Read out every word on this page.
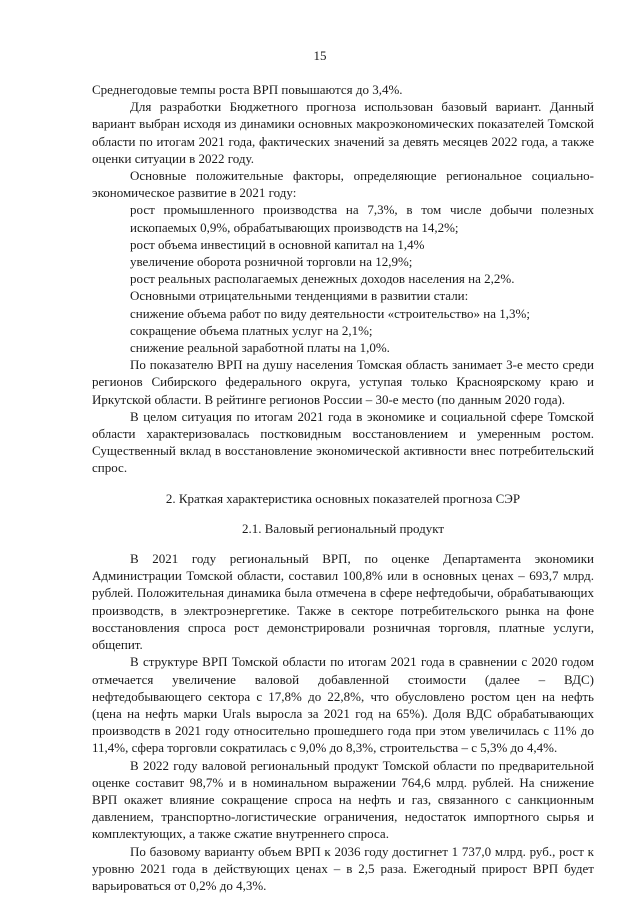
15

Среднегодовые темпы роста ВРП повышаются до 3,4%.

Для разработки Бюджетного прогноза использован базовый вариант. Данный вариант выбран исходя из динамики основных макроэкономических показателей Томской области по итогам 2021 года, фактических значений за девять месяцев 2022 года, а также оценки ситуации в 2022 году.

Основные положительные факторы, определяющие региональное социально-экономическое развитие в 2021 году:

рост промышленного производства на 7,3%, в том числе добычи полезных ископаемых 0,9%, обрабатывающих производств на 14,2%;

рост объема инвестиций в основной капитал на 1,4%

увеличение оборота розничной торговли на 12,9%;

рост реальных располагаемых денежных доходов населения на 2,2%.

Основными отрицательными тенденциями в развитии стали:

снижение объема работ по виду деятельности «строительство» на 1,3%;

сокращение объема платных услуг на 2,1%;

снижение реальной заработной платы на 1,0%.

По показателю ВРП на душу населения Томская область занимает 3-е место среди регионов Сибирского федерального округа, уступая только Красноярскому краю и Иркутской области. В рейтинге регионов России – 30-е место (по данным 2020 года).

В целом ситуация по итогам 2021 года в экономике и социальной сфере Томской области характеризовалась постковидным восстановлением и умеренным ростом. Существенный вклад в восстановление экономической активности внес потребительский спрос.

2. Краткая характеристика основных показателей прогноза СЭР

2.1. Валовый региональный продукт

В 2021 году региональный ВРП, по оценке Департамента экономики Администрации Томской области, составил 100,8% или в основных ценах – 693,7 млрд. рублей. Положительная динамика была отмечена в сфере нефтедобычи, обрабатывающих производств, в электроэнергетике. Также в секторе потребительского рынка на фоне восстановления спроса рост демонстрировали розничная торговля, платные услуги, общепит.

В структуре ВРП Томской области по итогам 2021 года в сравнении с 2020 годом отмечается увеличение валовой добавленной стоимости (далее – ВДС) нефтедобывающего сектора с 17,8% до 22,8%, что обусловлено ростом цен на нефть (цена на нефть марки Urals выросла за 2021 год на 65%). Доля ВДС обрабатывающих производств в 2021 году относительно прошедшего года при этом увеличилась с 11% до 11,4%, сфера торговли сократилась с 9,0% до 8,3%, строительства – с 5,3% до 4,4%.

В 2022 году валовой региональный продукт Томской области по предварительной оценке составит 98,7% и в номинальном выражении 764,6 млрд. рублей. На снижение ВРП окажет влияние сокращение спроса на нефть и газ, связанного с санкционным давлением, транспортно-логистические ограничения, недостаток импортного сырья и комплектующих, а также сжатие внутреннего спроса.

По базовому варианту объем ВРП к 2036 году достигнет 1 737,0 млрд. руб., рост к уровню 2021 года в действующих ценах – в 2,5 раза. Ежегодный прирост ВРП будет варьироваться от 0,2% до 4,3%.
